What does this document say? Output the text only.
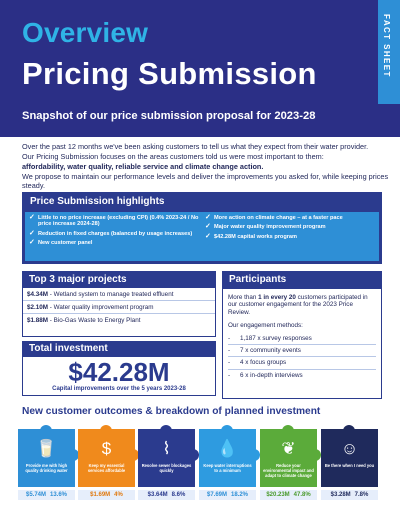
Overview
Pricing Submission
Snapshot of our price submission proposal for 2023-28
FACT SHEET

Over the past 12 months we've been asking customers to tell us what they expect from their water provider.

Our Pricing Submission focuses on the areas customers told us were most important to them:
affordability, water quality, reliable service and climate change action.

We propose to maintain our performance levels and deliver the improvements you asked for, while keeping prices steady.

Price Submission highlights
✓ Little to no price increase (excluding CPI) (0.4% 2023-24 / No price increase 2024-28)
✓ Reduction in fixed charges (balanced by usage increases)
✓ New customer panel
✓ More action on climate change – at a faster pace
✓ Major water quality improvement program
✓ $42.28M capital works program
Top 3 major projects
$4.34M - Wetland system to manage treated effluent
$2.10M - Water quality improvement program
$1.88M - Bio-Gas Waste to Energy Plant
Total investment
$42.28M
Capital improvements over the 5 years 2023-28
Participants
More than 1 in every 20 customers participated in our customer engagement for the 2023 Price Review.
Our engagement methods:
-	1,187 x survey responses
-	7 x community events
-	4 x focus groups
-	6 x in-depth interviews
New customer outcomes & breakdown of planned investment
🥛
Provide me with high quality drinking water
$5.74M 13.6%
$
Keep my essential services affordable
$1.69M 4%
⌇
Resolve sewer blockages quickly
$3.64M 8.6%
💧
Keep water interruptions to a minimum
$7.69M 18.2%
❦
Reduce your environmental impact and adapt to climate change
$20.23M 47.8%
☺
Be there when I need you
$3.28M 7.8%
